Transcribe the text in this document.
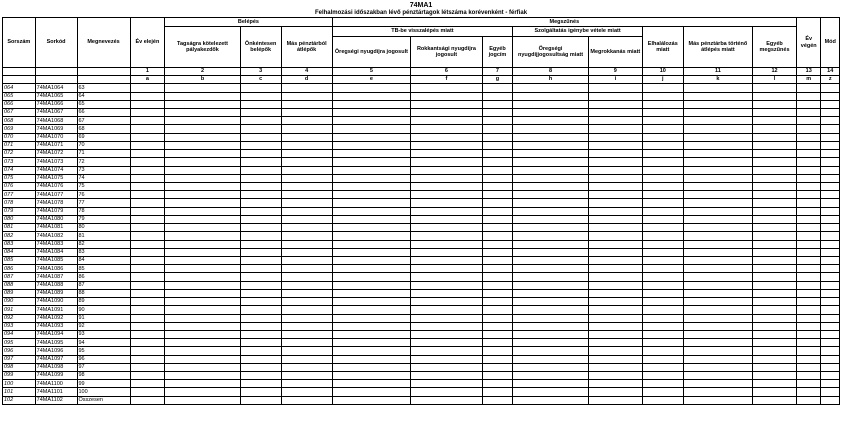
74MA1
Felhalmozási időszakban lévő pénztártagok létszáma korévenként - férfiak
Sorszám	Sorkód	Megnevezés	Év elején	Belépés			Megszűnés								Év végén	Mód
				Tagságra kötelezett pályakezdők	Önkéntesen belépők	Más pénztárból átlépők	TB-be visszalépés miatt			Szolgáltatás igénybe vétele miatt		Elhalálozás miatt	Más pénztárba történő átlépés miatt	Egyéb megszűnés		
							Öregségi nyugdíjra jogosult	Rokkantsági nyugdíjra jogosult	Egyéb jogcím	Öregségi nyugdíjjogosultság miatt	Megrokkanás miatt					
			1	2	3	4	5	6	7	8	9	10	11	12	13	14
			a	b	c	d	e	f	g	h	i	j	k	l	m	z
064	74MA1064	63														
065	74MA1065	64														
066	74MA1066	65														
067	74MA1067	66														
068	74MA1068	67														
069	74MA1069	68														
070	74MA1070	69														
071	74MA1071	70														
072	74MA1072	71														
073	74MA1073	72														
074	74MA1074	73														
075	74MA1075	74														
076	74MA1076	75														
077	74MA1077	76														
078	74MA1078	77														
079	74MA1079	78														
080	74MA1080	79														
081	74MA1081	80														
082	74MA1082	81														
083	74MA1083	82														
084	74MA1084	83														
085	74MA1085	84														
086	74MA1086	85														
087	74MA1087	86														
088	74MA1088	87														
089	74MA1089	88														
090	74MA1090	89														
091	74MA1091	90														
092	74MA1092	91														
093	74MA1093	92														
094	74MA1094	93														
095	74MA1095	94														
096	74MA1096	95														
097	74MA1097	96														
098	74MA1098	97														
099	74MA1099	98														
100	74MA1100	99														
101	74MA1101	100														
102	74MA1102	Összesen														
